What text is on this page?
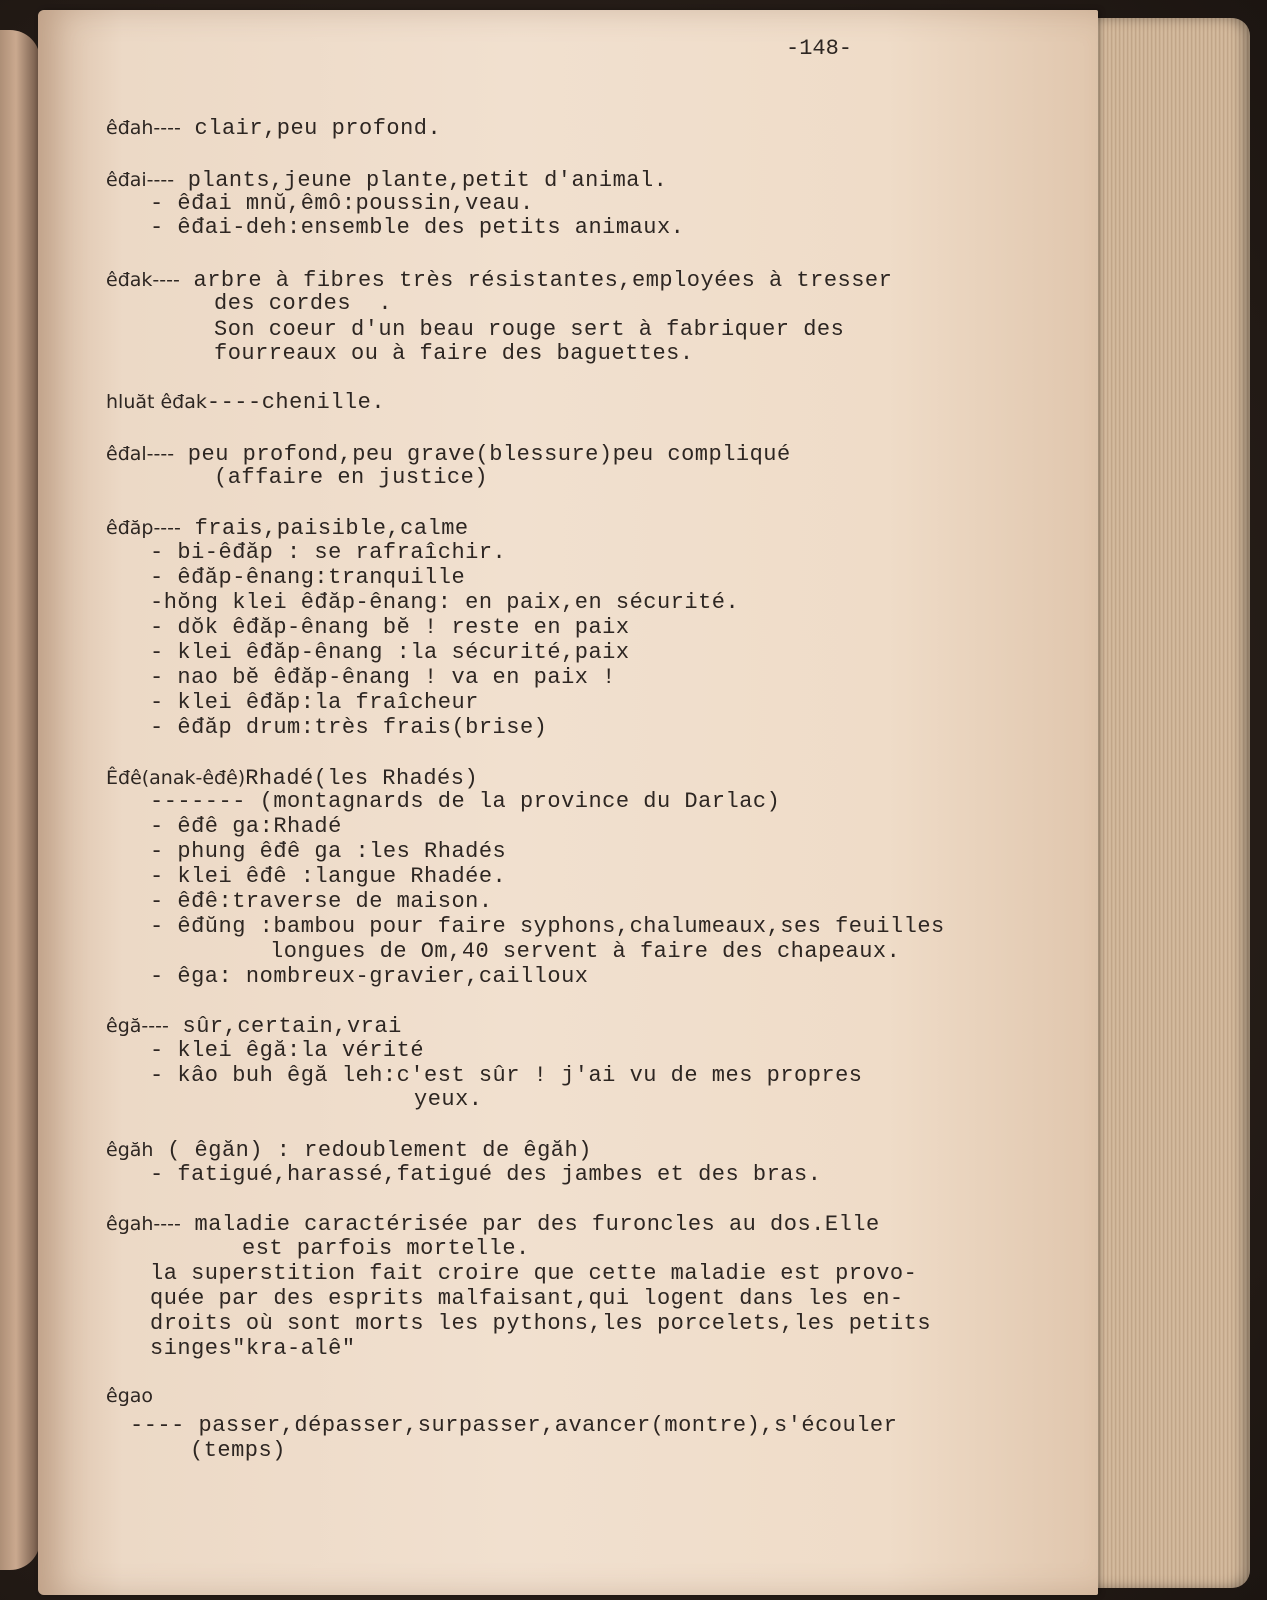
-148-
êđah---- clair,peu profond.
êđai---- plants,jeune plante,petit d'animal.
- êđai mnŭ,êmô:poussin,veau.
- êđai-deh:ensemble des petits animaux.
êđak---- arbre à fibres très résistantes,employées à tresser
des cordes  .
Son coeur d'un beau rouge sert à fabriquer des
fourreaux ou à faire des baguettes.
hluăt êđak----chenille.
êđal---- peu profond,peu grave(blessure)peu compliqué
(affaire en justice)
êđăp---- frais,paisible,calme
- bi-êđăp : se rafraîchir.
- êđăp-ênang:tranquille
-hŏng klei êđăp-ênang: en paix,en sécurité.
- dŏk êđăp-ênang bĕ ! reste en paix
- klei êđăp-ênang :la sécurité,paix
- nao bĕ êđăp-ênang ! va en paix !
- klei êđăp:la fraîcheur
- êđăp drum:très frais(brise)
Êđê(anak-êđê)Rhadé(les Rhadés)
------- (montagnards de la province du Darlac)
- êđê ga:Rhadé
- phung êđê ga :les Rhadés
- klei êđê :langue Rhadée.
- êđê:traverse de maison.
- êđŭng :bambou pour faire syphons,chalumeaux,ses feuilles
longues de Om,40 servent à faire des chapeaux.
- êga: nombreux-gravier,cailloux
êgă---- sûr,certain,vrai
- klei êgă:la vérité
- kâo buh êgă leh:c'est sûr ! j'ai vu de mes propres
yeux.
êgăh ( êgăn) : redoublement de êgăh)
- fatigué,harassé,fatigué des jambes et des bras.
êgah---- maladie caractérisée par des furoncles au dos.Elle
est parfois mortelle.
la superstition fait croire que cette maladie est provo-
quée par des esprits malfaisant,qui logent dans les en-
droits où sont morts les pythons,les porcelets,les petits
singes"kra-alê"
êgao
---- passer,dépasser,surpasser,avancer(montre),s'écouler
(temps)
